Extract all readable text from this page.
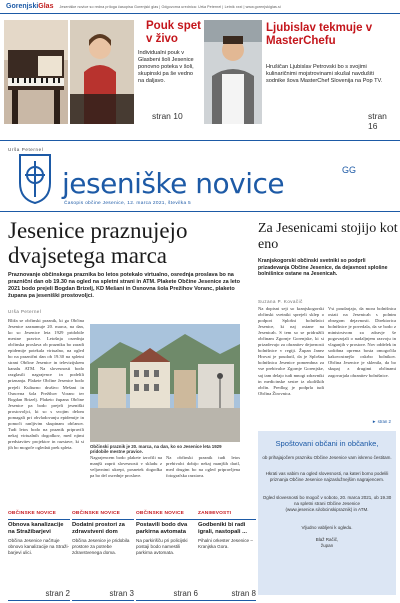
GorenjskiGlas Jeseniške novice so redna priloga časopisa Gorenjski glas | Odgovorna urednica: Urša Peternel | Letnik xxxi | www.gorenjskiglas.si
Pouk spet v živo

Individualni pouk v Glasbeni šoli Jesenice ponovno poteka v šoli, skupinski pa še vedno na daljavo.

stran 10
Ljubislav tekmuje v MasterChefu

Hrušičan Ljubislav Petrovski bo s svojimi kulinaričnimi mojstrovinami skušal navdušiti sodnike šova MasterChef Slovenija na Pop TV.

stran 16
Urša Peternel
jeseniške novice	GG
Časopis občine Jesenice, 12. marca 2021, številka 5
Jesenice praznujejo dvajsetega marca

Praznovanje občinskega praznika bo letos potekalo virtualno, osrednja proslava bo na praznični dan ob 19.30 na ogled na spletni strani in ATM. Plakete Občine Jesenice za leto 2021 bodo prejeli Bogdan Brizelj, KD Mešani in Osnovna šola Prežihov Voranc, plaketo župana pa jeseniški prostovoljci.

Urša Peternel

Bliža se občinski praznik, ki ga Občina Jesenice zaznamuje 20. marca, na dan, ko so Jesenice leta 1929 pridobile mestne pravice. Letošnja osrednja občinska proslava ob prazniku bo zaradi epidemije potekala virtualno, na ogled bo na praznični dan ob 19.30 na spletni strani Občine Jesenice in televizijskem kanalu ATM. Na slovesnosti bodo razglasili nagrajence in podelili priznanja. Plakete Občine Jesenice bodo prejeli Kulturno društvo Mešani in Osnovna šola Prežihov Voranc ter Bogdan Brizelj. Plaketo župana Občine Jesenice pa bodo prejeli jeseniški prostovoljci, ki so s svojim delom pomagali pri obvladovanju epidemije in pomoči ranljivim skupinam občanov. Tudi letos bodo na praznik pripravili nekaj virtualnih dogodkov, med njimi predstavitev projektov in razstave, ki si jih bo mogoče ogledati prek spleta.	Občinski praznik je 20. marca, na dan, ko so Jesenice leta 1929 pridobile mestne pravice.

Nagrajencem bodo plakete izročili na manjši zaprti slovesnosti v skladu z veljavnimi ukrepi, posnetek dogodka pa bo del osrednje proslave.

Na občinski praznik tudi letos prebivalci dobijo nekaj manjših daril, med drugim bo na ogled pripravljena fotografska razstava.

Za Jesenicami stojijo kot eno

Kranjskogorski občinski svetniki so podprli prizadevanja Občine Jesenice, da dejavnost splošne bolnišnice ostane na Jesenicah.

Suzana P. Kovačič

Na dopisni seji so kranjskogorski občinski svetniki sprejeli sklep o podpori Splošni bolnišnici Jesenice, ki naj ostane na Jesenicah. S tem so se pridružili občinam Zgornje Gorenjske, ki si prizadevajo za ohranitev dejavnosti bolnišnice v regiji. Župan Janez Hrovat je poudaril, da je Splošna bolnišnica Jesenice pomembna za vse prebivalce Zgornje Gorenjske, saj tam delajo tudi mnogi zdravniki in medicinske sestre iz okoliških občin. Predlog je podprla tudi Občina Žirovnica.

Vsi poudarjajo, da mora bolnišnica ostati na Jesenicah s polnim obsegom dejavnosti. Direktorica bolnišnice je povedala, da se bodo z ministrstvom za zdravje še pogovarjali o nadaljnjem razvoju in vlaganjih v prostore. Nov oddelek in sodobna oprema bosta omogočila kakovostnejšo oskrbo bolnikov. Občina Jesenice je sklenila, da bo skupaj z drugimi občinami zagovarjala ohranitev bolnišnice.

► stran 2
Spoštovani občani in občanke,

ob prihajajočem prazniku Občine Jesenice vam iskreno čestitam.

Hkrati vas vabim na ogled slovesnosti, na kateri bomo podelili priznanja Občine Jesenice najzaslužnejšim nagrajencem.

Ogled slovesnosti bo mogoč v soboto, 20. marca 2021, ob 19.30 na spletni strani Občine Jesenice (www.jesenice.si/obcinskipraznik) in ATM.

Vljudno vabljeni k ogledu.

Blaž Račič,

župan

OBČINSKE NOVICE
Obnova kanalizacije na Stražibarjevi
Občina Jesenice načrtuje obnovo kanalizacije na Stražibarjevi ulici.
stran 2
OBČINSKE NOVICE
Dodatni prostori za zdravstveni dom
Občina Jesenice je pridobila prostore za potrebe zdravstvenega doma.
stran 3
OBČINSKE NOVICE
Postavili bodo dva parkirna avtomata
Na parkirišču pri policijski postaji bodo namestili parkirna avtomata.
stran 6
ZANIMIVOSTI
Godbeniki bi radi igrali, nastopali ...
Pihalni orkester Jesenice – Kranjska Gora.
stran 8
